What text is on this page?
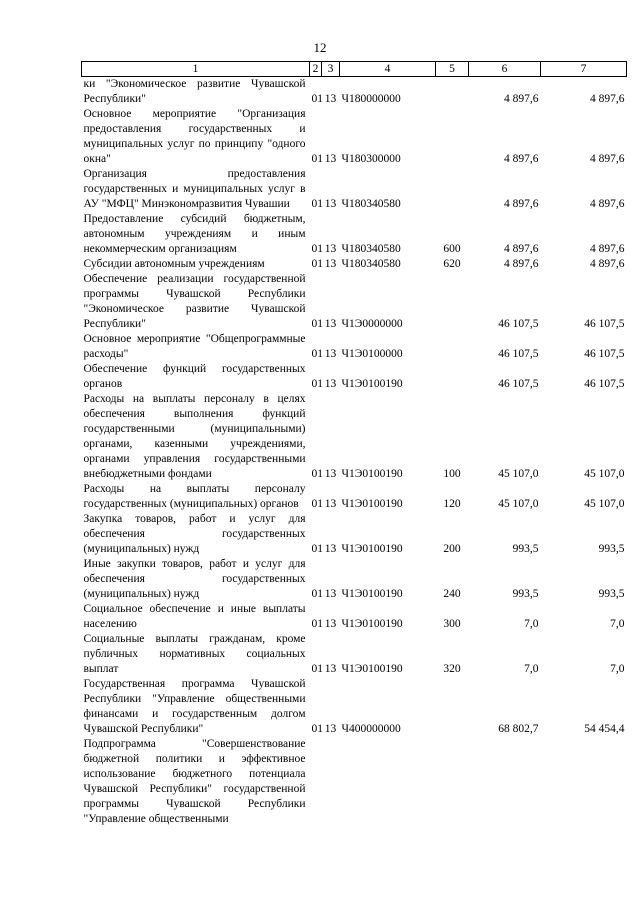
12
1	2	3	4	5	6	7
ки "Экономическое развитие Чувашской Республики"	01	13	Ч180000000		4 897,6	4 897,6
Основное мероприятие "Организация предоставления государственных и муниципальных услуг по принципу "одного окна"	01	13	Ч180300000		4 897,6	4 897,6
Организация предоставления государственных и муниципальных услуг в АУ "МФЦ" Минэкономразвития Чувашии	01	13	Ч180340580		4 897,6	4 897,6
Предоставление субсидий бюджетным, автономным учреждениям и иным некоммерческим организациям	01	13	Ч180340580	600	4 897,6	4 897,6
Субсидии автономным учреждениям	01	13	Ч180340580	620	4 897,6	4 897,6
Обеспечение реализации государственной программы Чувашской Республики "Экономическое развитие Чувашской Республики"	01	13	Ч1Э0000000		46 107,5	46 107,5
Основное мероприятие "Общепрограммные расходы"	01	13	Ч1Э0100000		46 107,5	46 107,5
Обеспечение функций государственных органов	01	13	Ч1Э0100190		46 107,5	46 107,5
Расходы на выплаты персоналу в целях обеспечения выполнения функций государственными (муниципальными) органами, казенными учреждениями, органами управления государственными внебюджетными фондами	01	13	Ч1Э0100190	100	45 107,0	45 107,0
Расходы на выплаты персоналу государственных (муниципальных) органов	01	13	Ч1Э0100190	120	45 107,0	45 107,0
Закупка товаров, работ и услуг для обеспечения государственных (муниципальных) нужд	01	13	Ч1Э0100190	200	993,5	993,5
Иные закупки товаров, работ и услуг для обеспечения государственных (муниципальных) нужд	01	13	Ч1Э0100190	240	993,5	993,5
Социальное обеспечение и иные выплаты населению	01	13	Ч1Э0100190	300	7,0	7,0
Социальные выплаты гражданам, кроме публичных нормативных социальных выплат	01	13	Ч1Э0100190	320	7,0	7,0
Государственная программа Чувашской Республики "Управление общественными финансами и государственным долгом Чувашской Республики"	01	13	Ч400000000		68 802,7	54 454,4
Подпрограмма "Совершенствование бюджетной политики и эффективное использование бюджетного потенциала Чувашской Республики" государственной программы Чувашской Республики "Управление общественными						
